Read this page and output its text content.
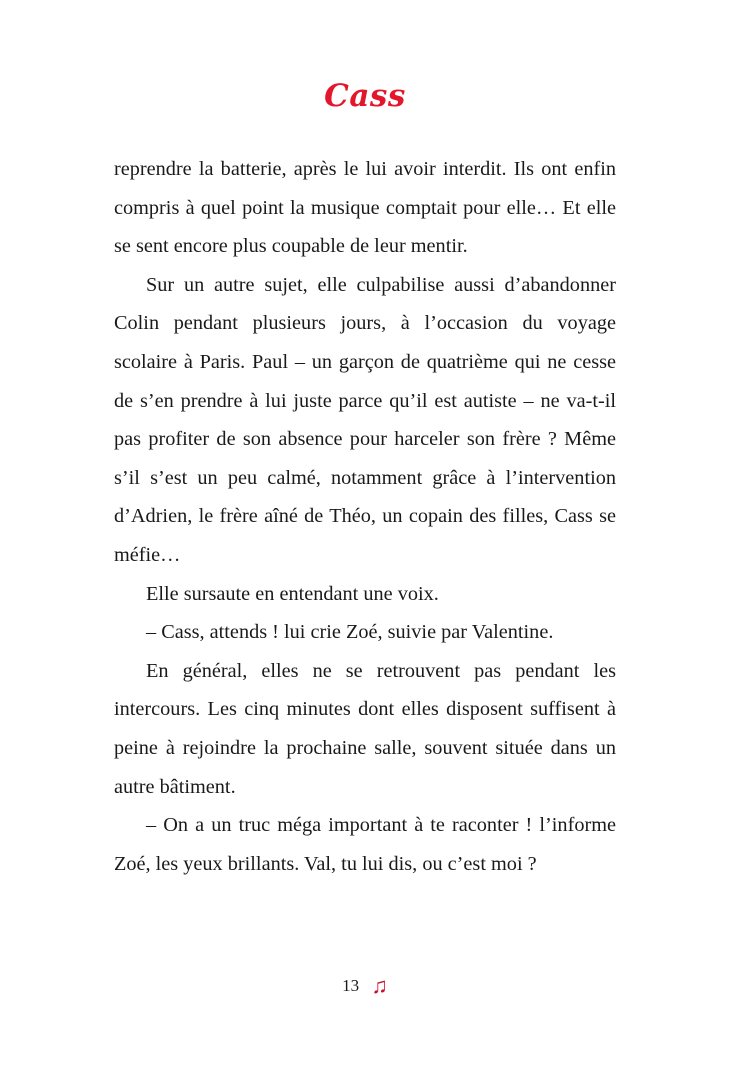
Cass

reprendre la batterie, après le lui avoir interdit. Ils ont enfin compris à quel point la musique comptait pour elle… Et elle se sent encore plus coupable de leur mentir.

Sur un autre sujet, elle culpabilise aussi d’abandonner Colin pendant plusieurs jours, à l’occasion du voyage scolaire à Paris. Paul – un garçon de quatrième qui ne cesse de s’en prendre à lui juste parce qu’il est autiste – ne va-t-il pas profiter de son absence pour harceler son frère ? Même s’il s’est un peu calmé, notamment grâce à l’intervention d’Adrien, le frère aîné de Théo, un copain des filles, Cass se méfie…

Elle sursaute en entendant une voix.

– Cass, attends ! lui crie Zoé, suivie par Valentine.

En général, elles ne se retrouvent pas pendant les intercours. Les cinq minutes dont elles disposent suffisent à peine à rejoindre la prochaine salle, souvent située dans un autre bâtiment.

– On a un truc méga important à te raconter ! l’informe Zoé, les yeux brillants. Val, tu lui dis, ou c’est moi ?

13 ♫
